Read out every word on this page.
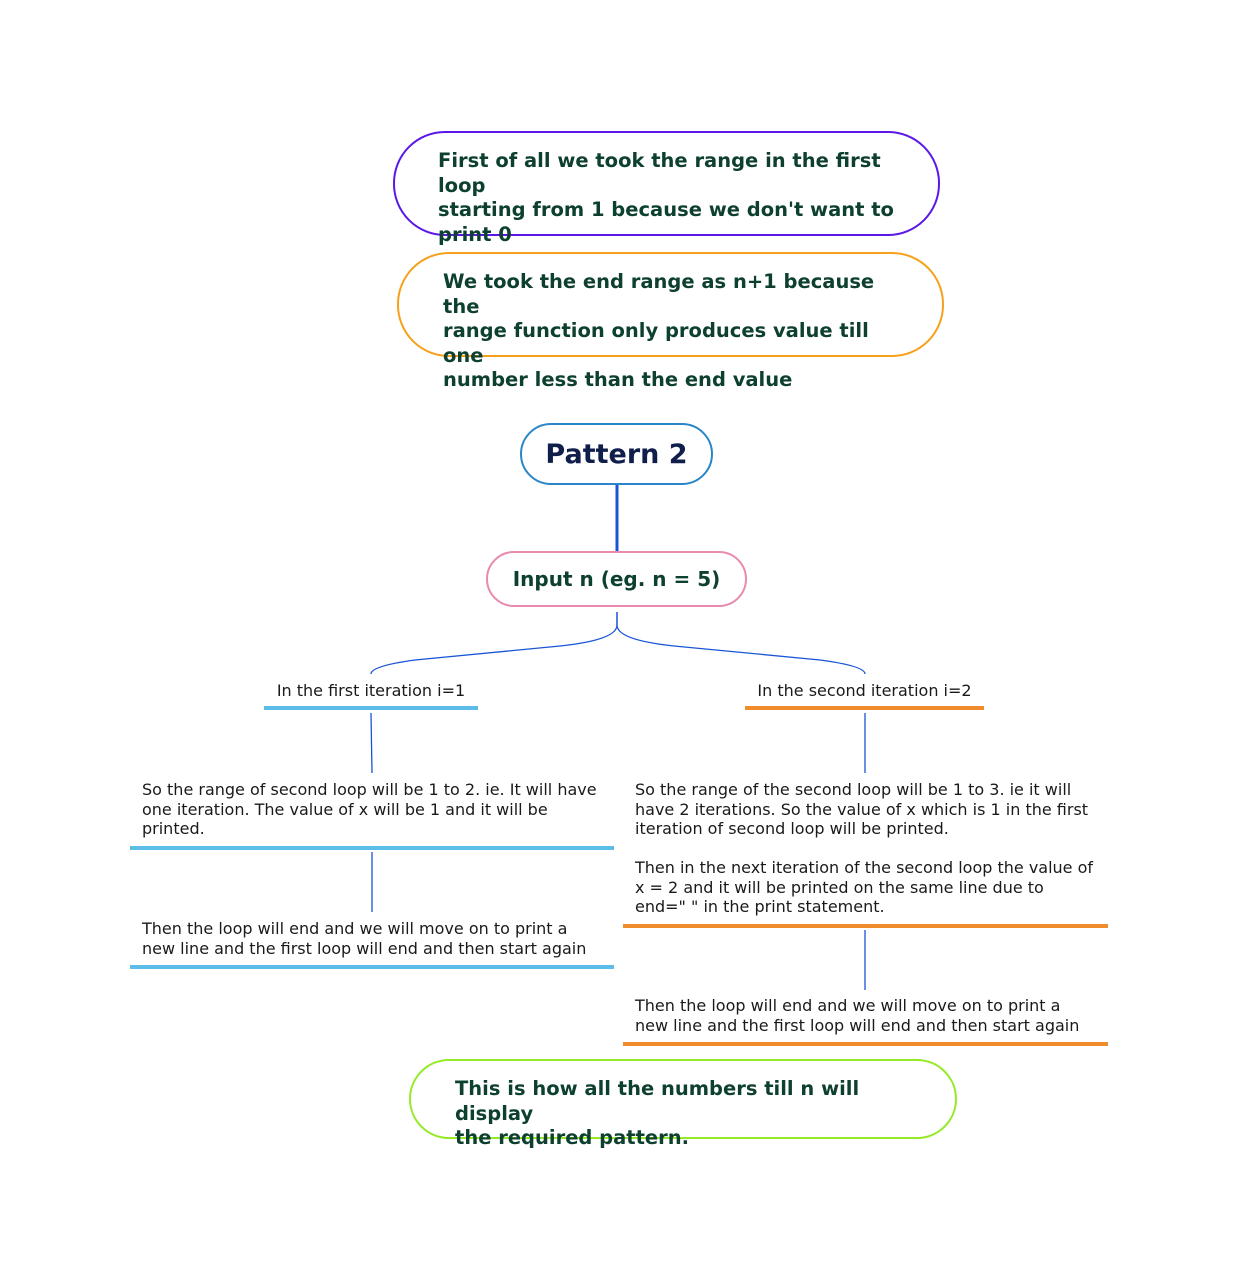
First of all we took the range in the first loop
starting from 1 because we don't want to
print 0
We took the end range as n+1 because the
range function only produces value till one
number less than the end value
Pattern 2
Input n (eg. n = 5)
In the first iteration i=1	In the second iteration i=2
So the range of second loop will be 1 to 2. ie. It will have
one iteration. The value of x will be 1 and it will be
printed.
Then the loop will end and we will move on to print a
new line and the first loop will end and then start again
So the range of the second loop will be 1 to 3. ie it will
have 2 iterations. So the value of x which is 1 in the first
iteration of second loop will be printed.
Then in the next iteration of the second loop the value of
x = 2 and it will be printed on the same line due to
end=" " in the print statement.
Then the loop will end and we will move on to print a
new line and the first loop will end and then start again
This is how all the numbers till n will display
the required pattern.
